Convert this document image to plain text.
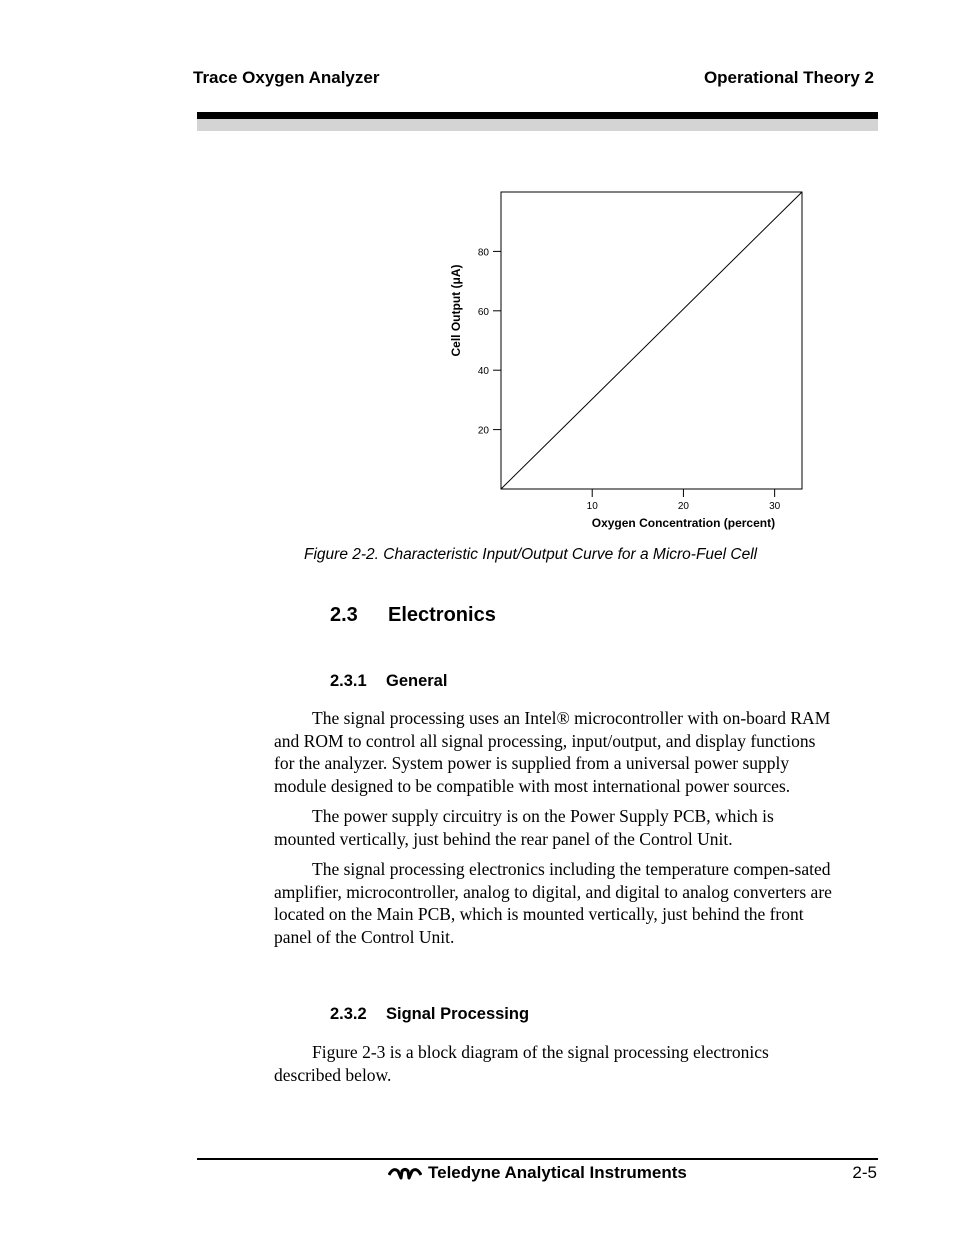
Trace Oxygen Analyzer	Operational Theory 2
20
40
60
80
10	20	30
Cell Output (μA)
Oxygen Concentration (percent)
Figure 2-2. Characteristic Input/Output Curve for a Micro-Fuel Cell
2.3 Electronics
2.3.1 General

The signal processing uses an Intel® microcontroller with on-board RAM and ROM to control all signal processing, input/output, and display functions for the analyzer. System power is supplied from a universal power supply module designed to be compatible with most international power sources.

The power supply circuitry is on the Power Supply PCB, which is mounted vertically, just behind the rear panel of the Control Unit.

The signal processing electronics including the temperature compen-sated amplifier, microcontroller, analog to digital, and digital to analog converters are located on the Main PCB, which is mounted vertically, just behind the front panel of the Control Unit.

2.3.2 Signal Processing

Figure 2-3 is a block diagram of the signal processing electronics described below.

Teledyne Analytical Instruments	2-5
